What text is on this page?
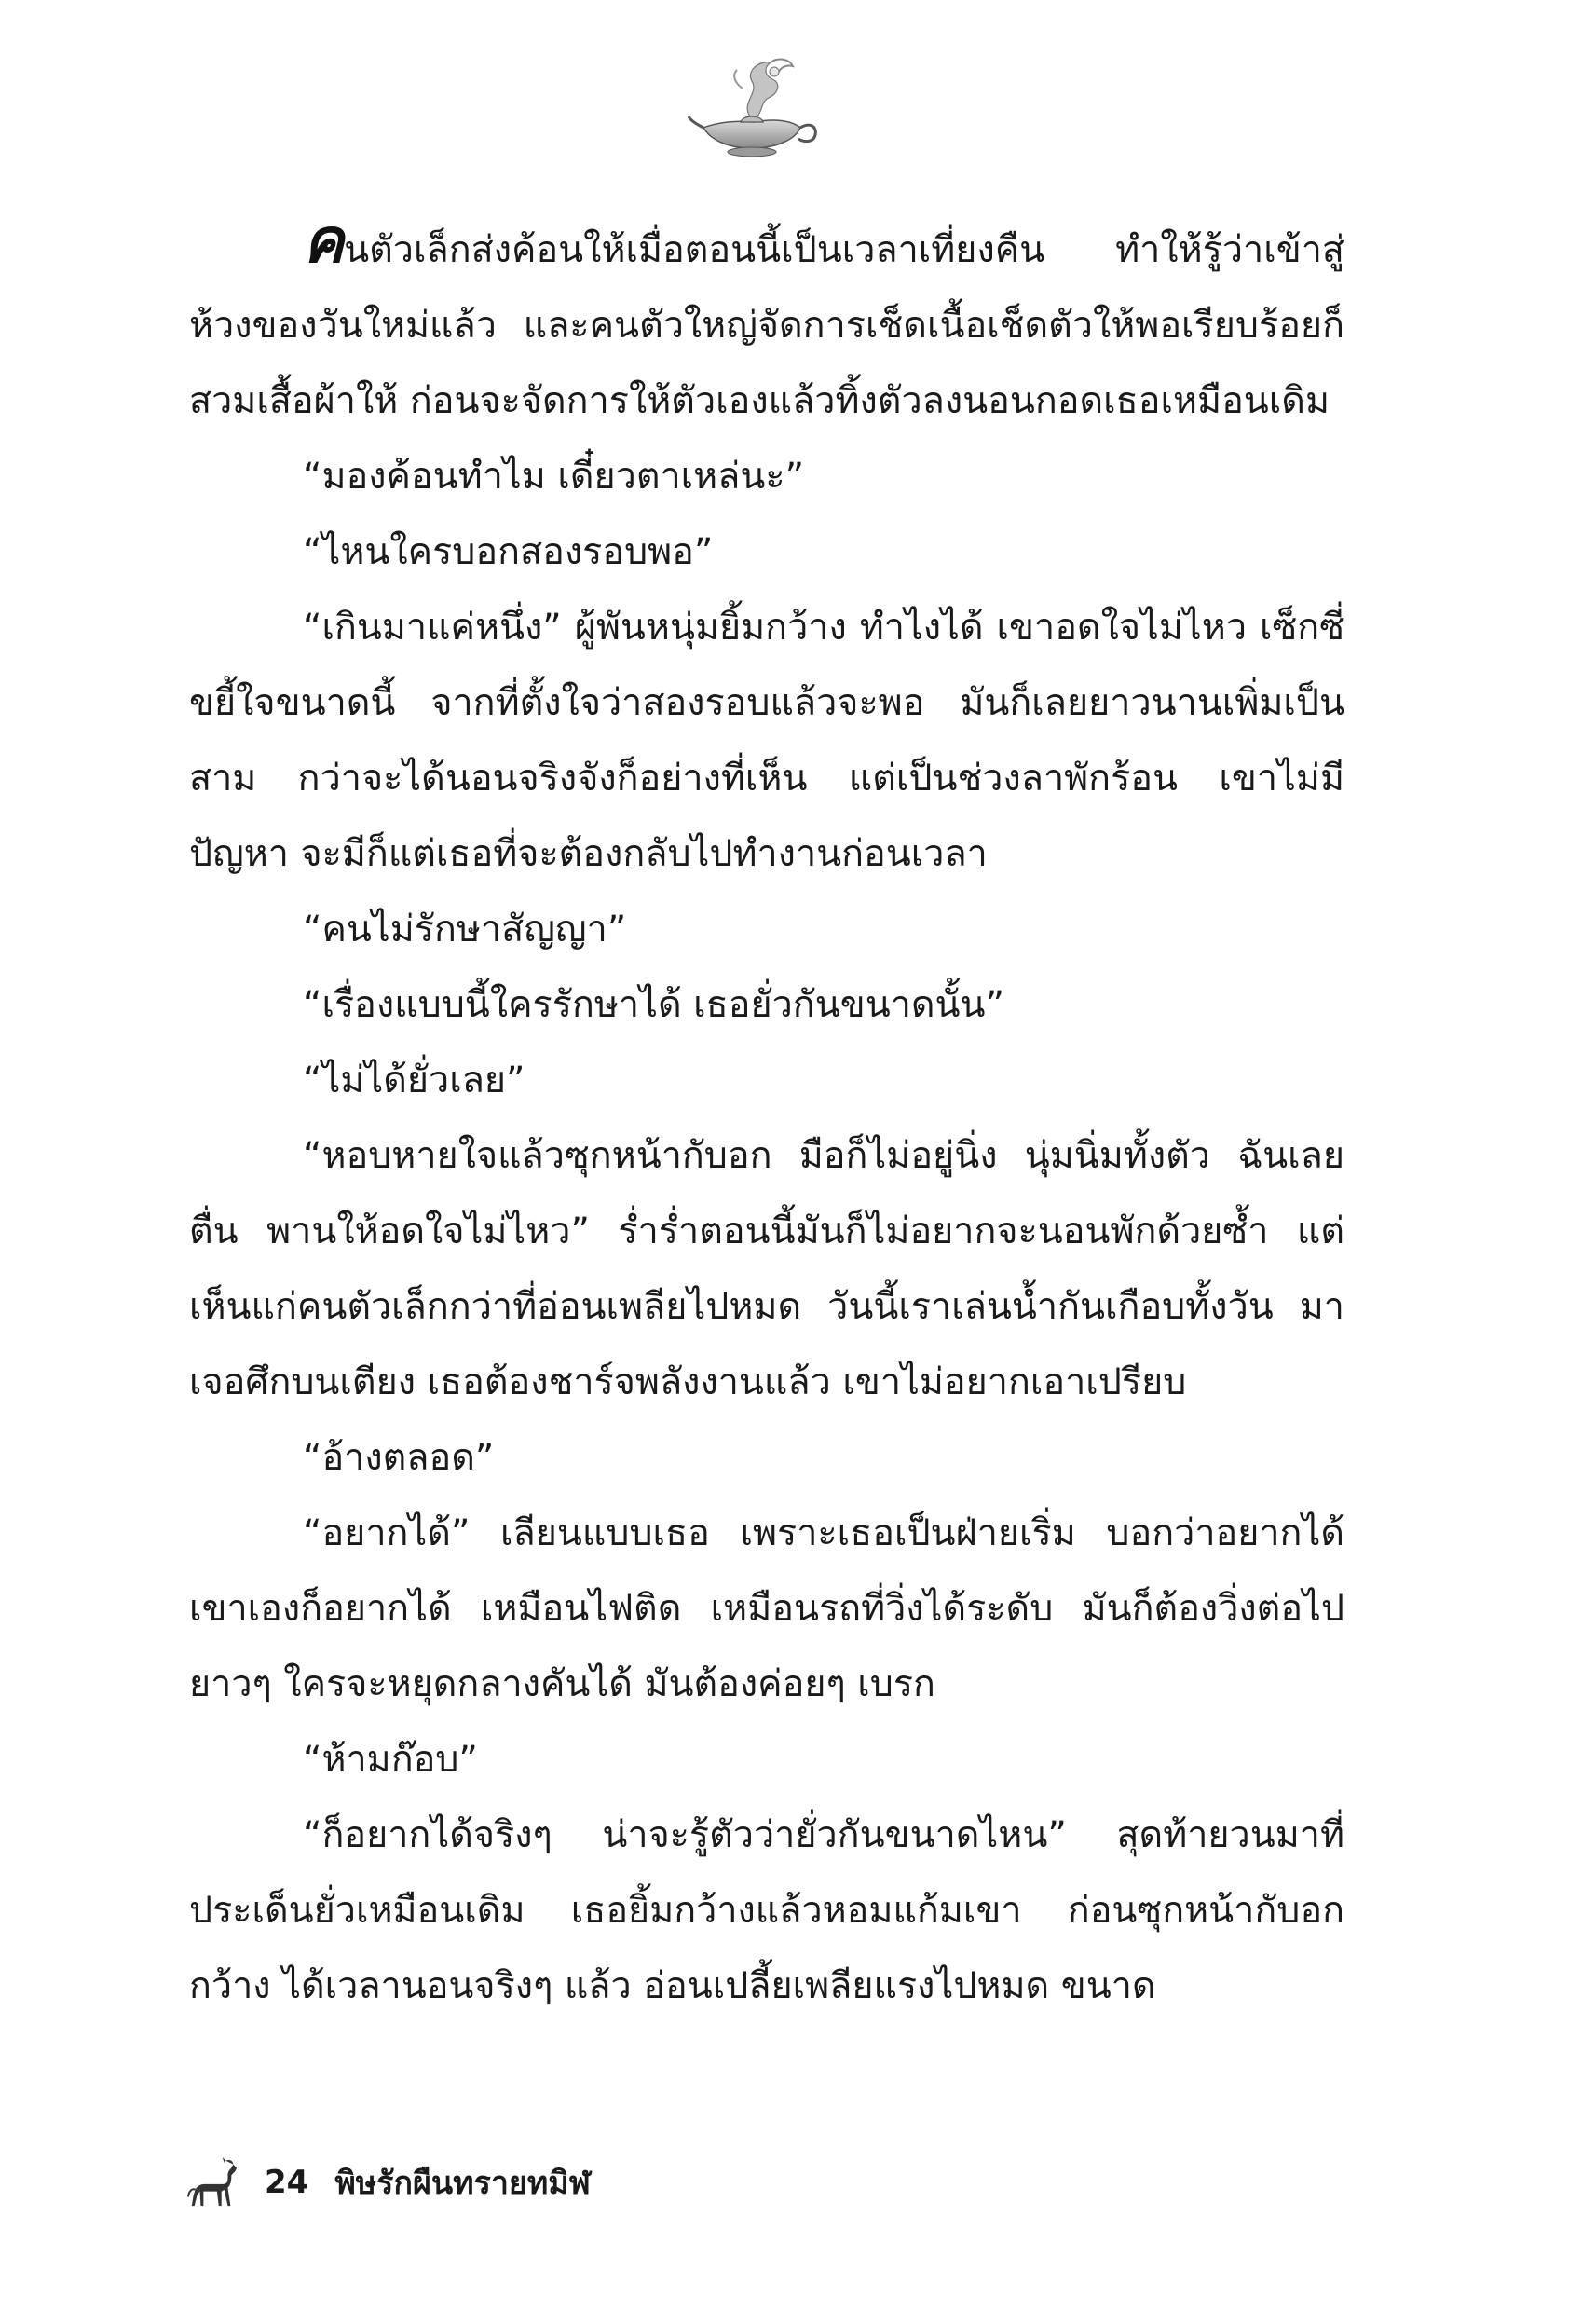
คนตัวเล็กส่งค้อนให้เมื่อตอนนี้เป็นเวลาเที่ยงคืน ทำให้รู้ว่าเข้าสู่ห้วงของวันใหม่แล้ว และคนตัวใหญ่จัดการเช็ดเนื้อเช็ดตัวให้พอเรียบร้อยก็สวมเสื้อผ้าให้ ก่อนจะจัดการให้ตัวเองแล้วทิ้งตัวลงนอนกอดเธอเหมือนเดิม

“มองค้อนทำไม เดี๋ยวตาเหล่นะ”

“ไหนใครบอกสองรอบพอ”

“เกินมาแค่หนึ่ง” ผู้พันหนุ่มยิ้มกว้าง ทำไงได้ เขาอดใจไม่ไหว เซ็กซี่ขยี้ใจขนาดนี้ จากที่ตั้งใจว่าสองรอบแล้วจะพอ มันก็เลยยาวนานเพิ่มเป็นสาม กว่าจะได้นอนจริงจังก็อย่างที่เห็น แต่เป็นช่วงลาพักร้อน เขาไม่มีปัญหา จะมีก็แต่เธอที่จะต้องกลับไปทำงานก่อนเวลา

“คนไม่รักษาสัญญา”

“เรื่องแบบนี้ใครรักษาได้ เธอยั่วกันขนาดนั้น”

“ไม่ได้ยั่วเลย”

“หอบหายใจแล้วซุกหน้ากับอก มือก็ไม่อยู่นิ่ง นุ่มนิ่มทั้งตัว ฉันเลยตื่น พานให้อดใจไม่ไหว” ร่ำร่ำตอนนี้มันก็ไม่อยากจะนอนพักด้วยซ้ำ แต่เห็นแก่คนตัวเล็กกว่าที่อ่อนเพลียไปหมด วันนี้เราเล่นน้ำกันเกือบทั้งวัน มาเจอศึกบนเตียง เธอต้องชาร์จพลังงานแล้ว เขาไม่อยากเอาเปรียบ

“อ้างตลอด”

“อยากได้” เลียนแบบเธอ เพราะเธอเป็นฝ่ายเริ่ม บอกว่าอยากได้ เขาเองก็อยากได้ เหมือนไฟติด เหมือนรถที่วิ่งได้ระดับ มันก็ต้องวิ่งต่อไปยาวๆ ใครจะหยุดกลางคันได้ มันต้องค่อยๆ เบรก

“ห้ามก๊อบ”

“ก็อยากได้จริงๆ น่าจะรู้ตัวว่ายั่วกันขนาดไหน” สุดท้ายวนมาที่ประเด็นยั่วเหมือนเดิม เธอยิ้มกว้างแล้วหอมแก้มเขา ก่อนซุกหน้ากับอกกว้าง ได้เวลานอนจริงๆ แล้ว อ่อนเปลี้ยเพลียแรงไปหมด ขนาด

24 พิษรักผืนทรายทมิฬ
